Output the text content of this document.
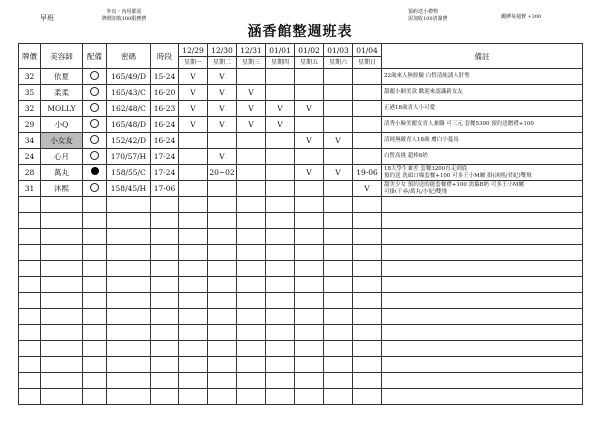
早班
外出・內用都需
牌價加收100服務費
涵香館整週班表
預約送小禮物
需加收100清潔費	繩縛每週費 +300
牌價	美容師	配備	密碼	時段	12/29	12/30	12/31	01/01	01/02	01/03	01/04	備註
					星期一	星期二	星期三	星期四	星期五	星期六	星期日	
32	依夏		165/49/D	15-24	V	V						22歲來人無經驗 白皙清純誘人肝聖
35	柔柔		165/43/C	16-20	V	V	V					甜麗小網美款 歡迎來認識新女友
32	MOLLY		162/48/C	16-23	V	V	V	V	V			正港18歲青人小可愛
29	小Q		165/48/D	16-24	V	V	V	V				清秀小臉美麗女青人兼職 可三元 套餐5300 預約送贈禮+100
34	小女友		152/42/D	16-24					V	V		清純無敵青人18歲 膚白小蔓馬
24	心月		170/57/H	17-24		V						白皙高挑 超棒8奶
28	萬丸		158/55/C	17-24		20~02			V	V	19-06	18大學生兼差 套餐3200直走到底
預約送 洗頭口爆套餐+100 可多王小M屬 掛(沐熙/君妃)雙飛
31	沐熙		158/45/H	17-06							V	甜美少女 預約送的能套餐禮+100 需摳B奶 可多王小M屬
可掛(千尋/萬丸/小妃)雙飛
